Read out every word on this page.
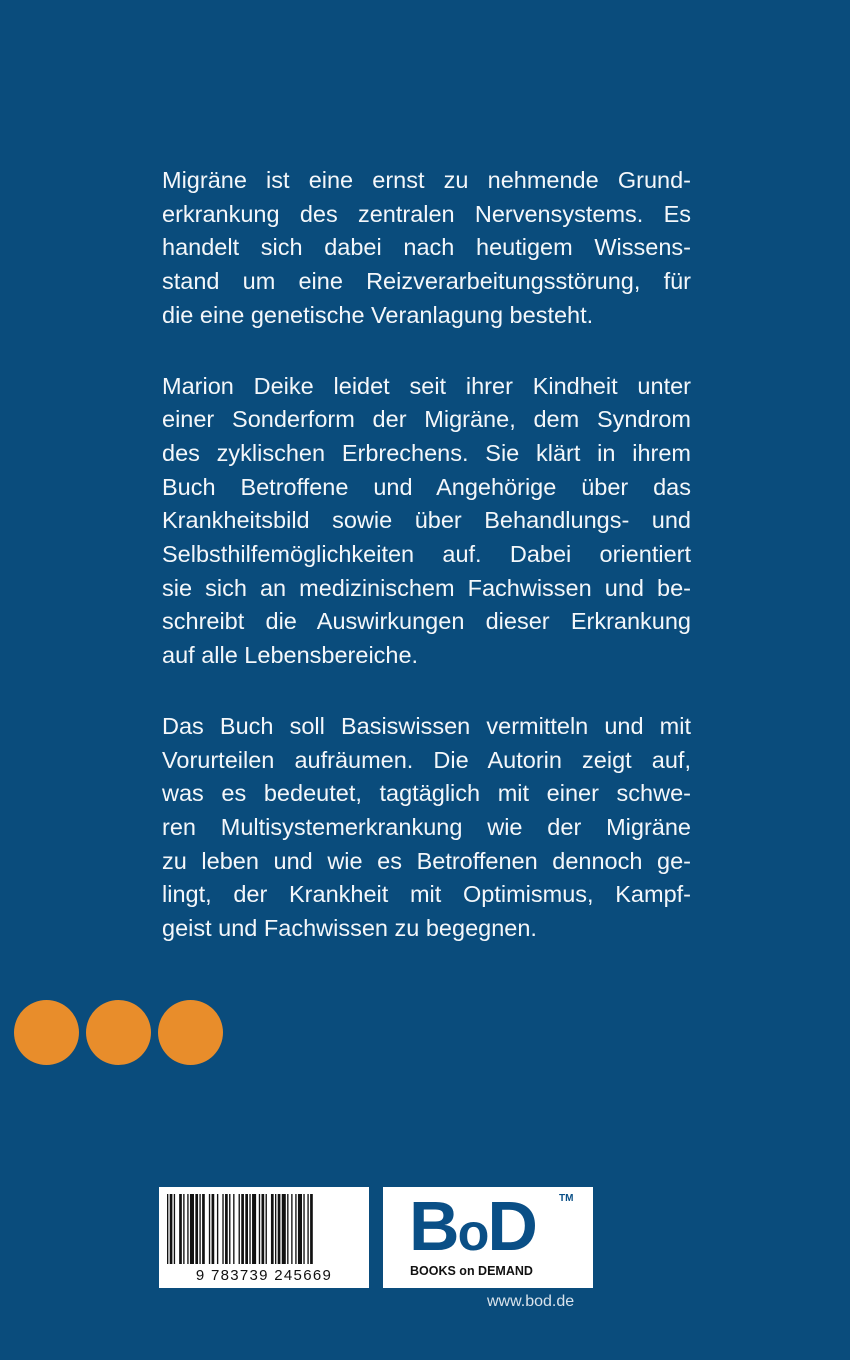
Migräne ist eine ernst zu nehmende Grund-
erkrankung des zentralen Nervensystems. Es
handelt sich dabei nach heutigem Wissens-
stand um eine Reizverarbeitungsstörung, für
die eine genetische Veranlagung besteht.

Marion Deike leidet seit ihrer Kindheit unter
einer Sonderform der Migräne, dem Syndrom
des zyklischen Erbrechens. Sie klärt in ihrem
Buch Betroffene und Angehörige über das
Krankheitsbild sowie über Behandlungs- und
Selbsthilfemöglichkeiten auf. Dabei orientiert
sie sich an medizinischem Fachwissen und be-
schreibt die Auswirkungen dieser Erkrankung
auf alle Lebensbereiche.

Das Buch soll Basiswissen vermitteln und mit
Vorurteilen aufräumen. Die Autorin zeigt auf,
was es bedeutet, tagtäglich mit einer schwe-
ren Multisystemerkrankung wie der Migräne
zu leben und wie es Betroffenen dennoch ge-
lingt, der Krankheit mit Optimismus, Kampf-
geist und Fachwissen zu begegnen.

9 783739 245669
BoD TM
BOOKS on DEMAND
www.bod.de
